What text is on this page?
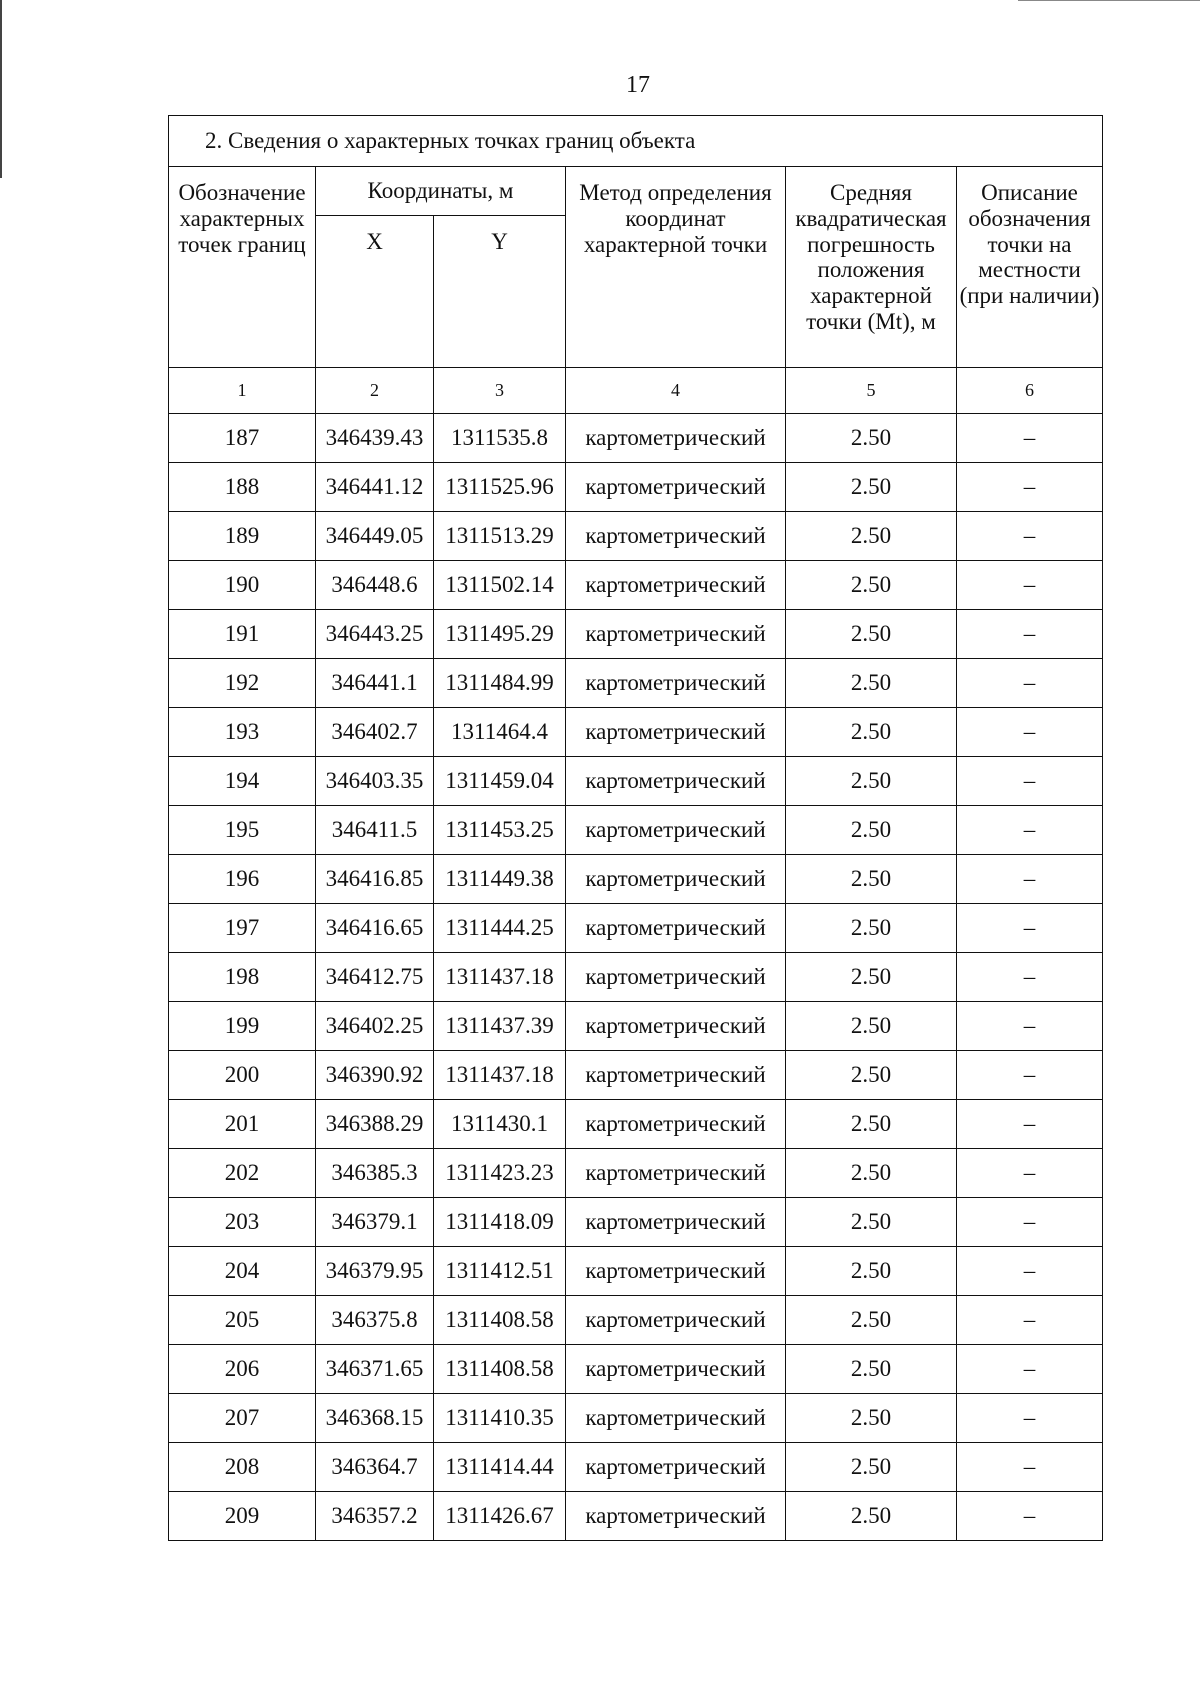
17
2. Сведения о характерных точках границ объекта					
Обозначение характерных точек границ	Координаты, м		Метод определения координат характерной точки	Средняя квадратическая погрешность положения характерной точки (Mt), м	Описание обозначения точки на местности (при наличии)
	X	Y			
1	2	3	4	5	6
187	346439.43	1311535.8	картометрический	2.50	–
188	346441.12	1311525.96	картометрический	2.50	–
189	346449.05	1311513.29	картометрический	2.50	–
190	346448.6	1311502.14	картометрический	2.50	–
191	346443.25	1311495.29	картометрический	2.50	–
192	346441.1	1311484.99	картометрический	2.50	–
193	346402.7	1311464.4	картометрический	2.50	–
194	346403.35	1311459.04	картометрический	2.50	–
195	346411.5	1311453.25	картометрический	2.50	–
196	346416.85	1311449.38	картометрический	2.50	–
197	346416.65	1311444.25	картометрический	2.50	–
198	346412.75	1311437.18	картометрический	2.50	–
199	346402.25	1311437.39	картометрический	2.50	–
200	346390.92	1311437.18	картометрический	2.50	–
201	346388.29	1311430.1	картометрический	2.50	–
202	346385.3	1311423.23	картометрический	2.50	–
203	346379.1	1311418.09	картометрический	2.50	–
204	346379.95	1311412.51	картометрический	2.50	–
205	346375.8	1311408.58	картометрический	2.50	–
206	346371.65	1311408.58	картометрический	2.50	–
207	346368.15	1311410.35	картометрический	2.50	–
208	346364.7	1311414.44	картометрический	2.50	–
209	346357.2	1311426.67	картометрический	2.50	–
